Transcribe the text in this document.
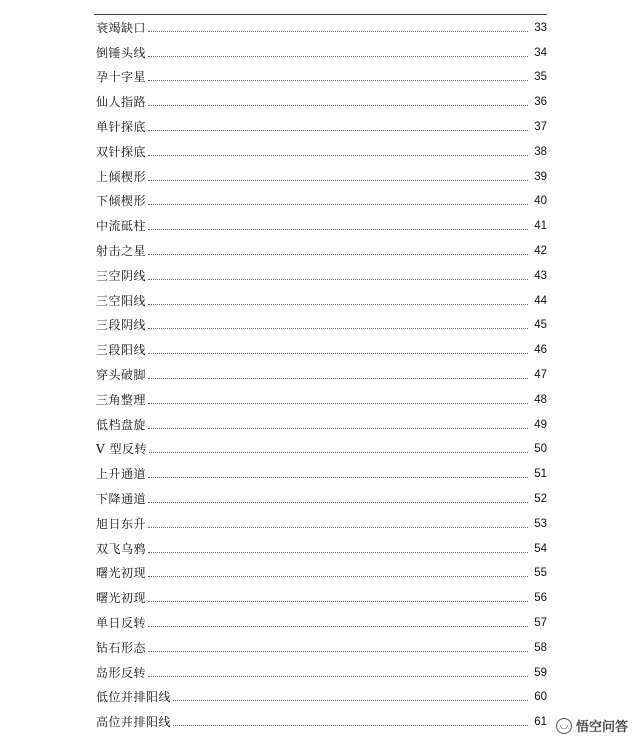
衰竭缺口	33
倒锤头线	34
孕十字星	35
仙人指路	36
单针探底	37
双针探底	38
上倾楔形	39
下倾楔形	40
中流砥柱	41
射击之星	42
三空阴线	43
三空阳线	44
三段阴线	45
三段阳线	46
穿头破脚	47
三角整理	48
低档盘旋	49
V 型反转	50
上升通道	51
下降通道	52
旭日东升	53
双飞乌鸦	54
曙光初现	55
曙光初现	56
单日反转	57
钻石形态	58
岛形反转	59
低位并排阳线	60
高位并排阳线	61 ◡ 悟空问答
